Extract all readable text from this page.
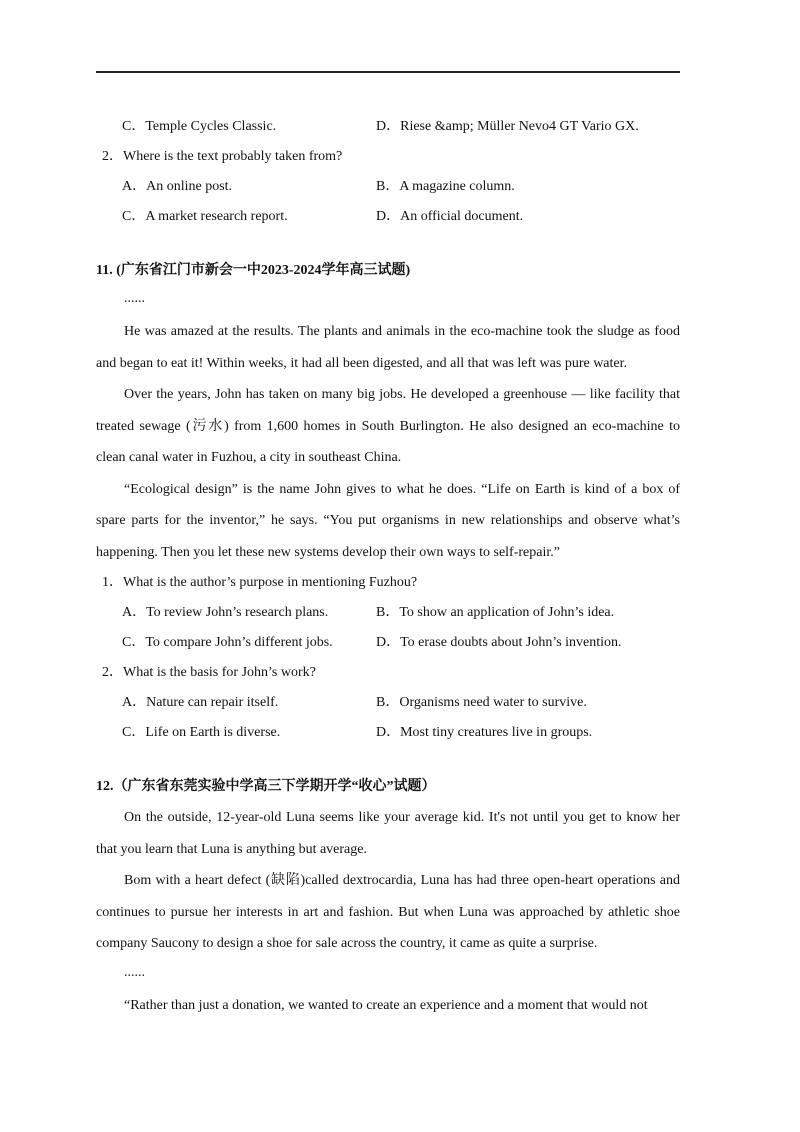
C．Temple Cycles Classic.	D．Riese &amp; Müller Nevo4 GT Vario GX.
2．Where is the text probably taken from?
A．An online post.	B．A magazine column.
C．A market research report.	D．An official document.
11. (广东省江门市新会一中2023-2024学年高三试题)
......
He was amazed at the results. The plants and animals in the eco-machine took the sludge as food and began to eat it! Within weeks, it had all been digested, and all that was left was pure water.
Over the years, John has taken on many big jobs. He developed a greenhouse — like facility that treated sewage (污水) from 1,600 homes in South Burlington. He also designed an eco-machine to clean canal water in Fuzhou, a city in southeast China.
“Ecological design” is the name John gives to what he does. “Life on Earth is kind of a box of spare parts for the inventor,” he says. “You put organisms in new relationships and observe what’s happening. Then you let these new systems develop their own ways to self-repair.”
1．What is the author’s purpose in mentioning Fuzhou?
A．To review John’s research plans.	B．To show an application of John’s idea.
C．To compare John’s different jobs.	D．To erase doubts about John’s invention.
2．What is the basis for John’s work?
A．Nature can repair itself.	B．Organisms need water to survive.
C．Life on Earth is diverse.	D．Most tiny creatures live in groups.
12.（广东省东莞实验中学高三下学期开学“收心”试题）
On the outside, 12-year-old Luna seems like your average kid. It's not until you get to know her that you learn that Luna is anything but average.
Bom with a heart defect (缺陷)called dextrocardia, Luna has had three open-heart operations and continues to pursue her interests in art and fashion. But when Luna was approached by athletic shoe company Saucony to design a shoe for sale across the country, it came as quite a surprise.
......
“Rather than just a donation, we wanted to create an experience and a moment that would not
